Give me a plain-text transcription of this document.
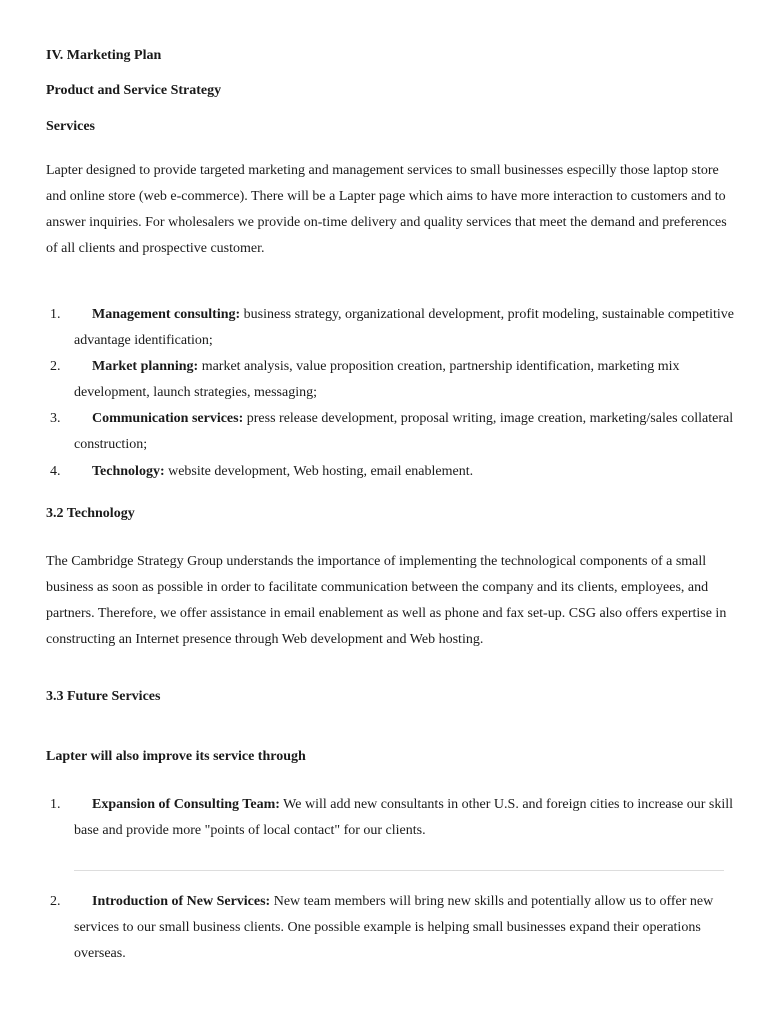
IV. Marketing Plan
Product and Service Strategy
Services
Lapter designed to provide targeted marketing and management services to small businesses especilly those laptop store and online store (web e-commerce). There will be a Lapter page which aims to have more interaction to customers and to answer inquiries. For wholesalers we provide on-time delivery and quality services that meet the demand and preferences of all clients and prospective customer.
1.	Management consulting: business strategy, organizational development, profit modeling, sustainable competitive advantage identification;
2.	Market planning: market analysis, value proposition creation, partnership identification, marketing mix development, launch strategies, messaging;
3.	Communication services: press release development, proposal writing, image creation, marketing/sales collateral construction;
4.	Technology: website development, Web hosting, email enablement.
3.2 Technology
The Cambridge Strategy Group understands the importance of implementing the technological components of a small business as soon as possible in order to facilitate communication between the company and its clients, employees, and partners. Therefore, we offer assistance in email enablement as well as phone and fax set-up. CSG also offers expertise in constructing an Internet presence through Web development and Web hosting.
3.3 Future Services
Lapter will also improve its service through
1.	Expansion of Consulting Team: We will add new consultants in other U.S. and foreign cities to increase our skill base and provide more "points of local contact" for our clients.
2.	Introduction of New Services: New team members will bring new skills and potentially allow us to offer new services to our small business clients. One possible example is helping small businesses expand their operations overseas.
